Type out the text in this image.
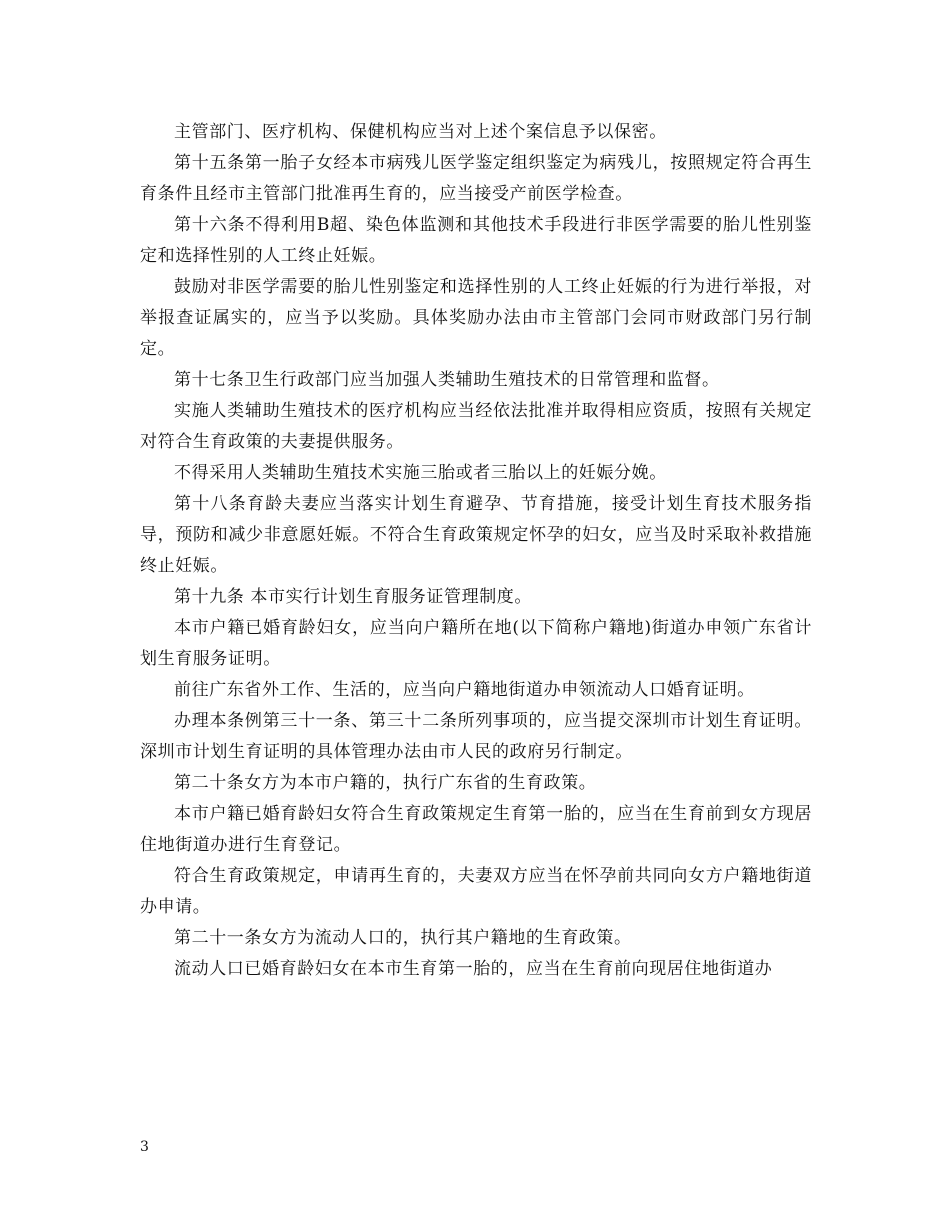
主管部门、医疗机构、保健机构应当对上述个案信息予以保密。

第十五条第一胎子女经本市病残儿医学鉴定组织鉴定为病残儿，按照规定符合再生育条件且经市主管部门批准再生育的，应当接受产前医学检查。

第十六条不得利用B超、染色体监测和其他技术手段进行非医学需要的胎儿性别鉴定和选择性别的人工终止妊娠。

鼓励对非医学需要的胎儿性别鉴定和选择性别的人工终止妊娠的行为进行举报，对举报查证属实的，应当予以奖励。具体奖励办法由市主管部门会同市财政部门另行制定。

第十七条卫生行政部门应当加强人类辅助生殖技术的日常管理和监督。

实施人类辅助生殖技术的医疗机构应当经依法批准并取得相应资质，按照有关规定对符合生育政策的夫妻提供服务。

不得采用人类辅助生殖技术实施三胎或者三胎以上的妊娠分娩。

第十八条育龄夫妻应当落实计划生育避孕、节育措施，接受计划生育技术服务指导，预防和减少非意愿妊娠。不符合生育政策规定怀孕的妇女，应当及时采取补救措施终止妊娠。

第十九条 本市实行计划生育服务证管理制度。

本市户籍已婚育龄妇女，应当向户籍所在地(以下简称户籍地)街道办申领广东省计划生育服务证明。

前往广东省外工作、生活的，应当向户籍地街道办申领流动人口婚育证明。

办理本条例第三十一条、第三十二条所列事项的，应当提交深圳市计划生育证明。深圳市计划生育证明的具体管理办法由市人民的政府另行制定。

第二十条女方为本市户籍的，执行广东省的生育政策。

本市户籍已婚育龄妇女符合生育政策规定生育第一胎的，应当在生育前到女方现居住地街道办进行生育登记。

符合生育政策规定，申请再生育的，夫妻双方应当在怀孕前共同向女方户籍地街道办申请。

第二十一条女方为流动人口的，执行其户籍地的生育政策。

流动人口已婚育龄妇女在本市生育第一胎的，应当在生育前向现居住地街道办

3
